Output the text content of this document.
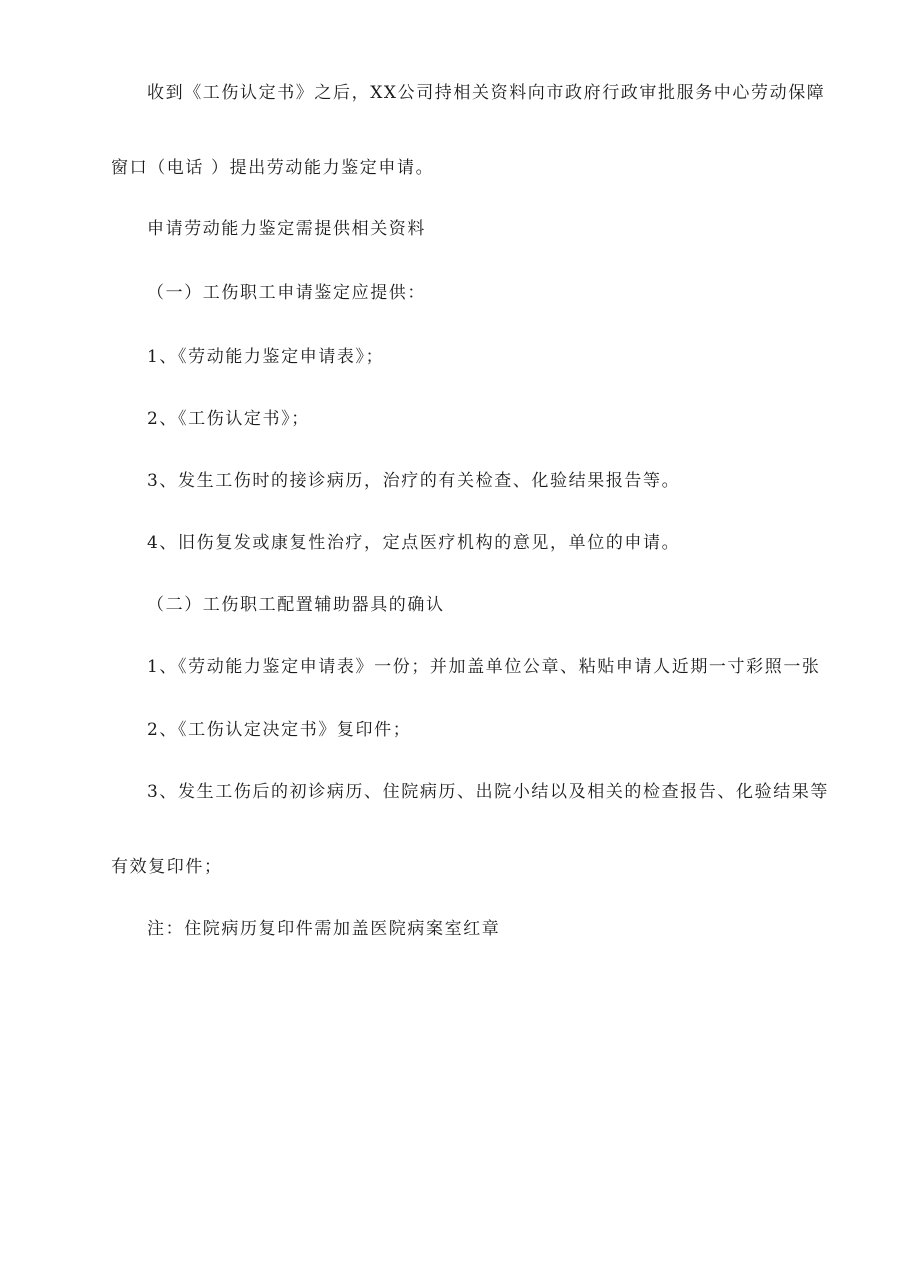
收到《工伤认定书》之后，XX公司持相关资料向市政府行政审批服务中心劳动保障
窗口（电话 ）提出劳动能力鉴定申请。
申请劳动能力鉴定需提供相关资料
（一）工伤职工申请鉴定应提供：
1、《劳动能力鉴定申请表》；
2、《工伤认定书》；
3、发生工伤时的接诊病历，治疗的有关检查、化验结果报告等。
4、旧伤复发或康复性治疗，定点医疗机构的意见，单位的申请。
（二）工伤职工配置辅助器具的确认
1、《劳动能力鉴定申请表》一份；并加盖单位公章、粘贴申请人近期一寸彩照一张
2、《工伤认定决定书》复印件；
3、发生工伤后的初诊病历、住院病历、出院小结以及相关的检查报告、化验结果等
有效复印件；
注：住院病历复印件需加盖医院病案室红章
